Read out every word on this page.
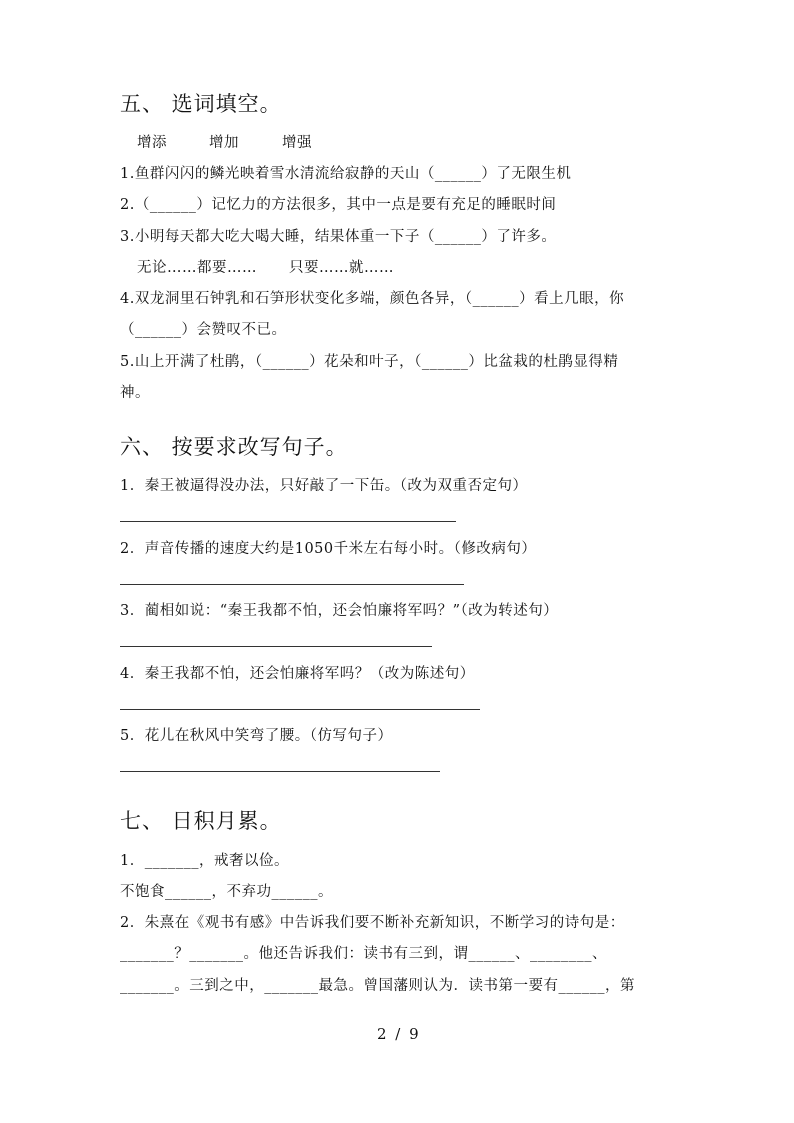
五、 选词填空。
增添	增加	增强
1.鱼群闪闪的鳞光映着雪水清流给寂静的天山（______）了无限生机
2.（______）记忆力的方法很多，其中一点是要有充足的睡眠时间
3.小明每天都大吃大喝大睡，结果体重一下子（______）了许多。
无论……都要…… 只要……就……
4.双龙洞里石钟乳和石笋形状变化多端，颜色各异，（______）看上几眼，你
（______）会赞叹不已。
5.山上开满了杜鹃，（______）花朵和叶子，（______）比盆栽的杜鹃显得精
神。
六、 按要求改写句子。
1．秦王被逼得没办法，只好敲了一下缶。（改为双重否定句）
2．声音传播的速度大约是1050千米左右每小时。（修改病句）
3．蔺相如说：“秦王我都不怕，还会怕廉将军吗？”（改为转述句）
4．秦王我都不怕，还会怕廉将军吗？（改为陈述句）
5．花儿在秋风中笑弯了腰。（仿写句子）
七、 日积月累。
1．_______，戒奢以俭。
不饱食______，不弃功______。
2．朱熹在《观书有感》中告诉我们要不断补充新知识，不断学习的诗句是：
_______？_______。他还告诉我们：读书有三到，谓______、________、
_______。三到之中，_______最急。曾国藩则认为．读书第一要有______，第
2 / 9
